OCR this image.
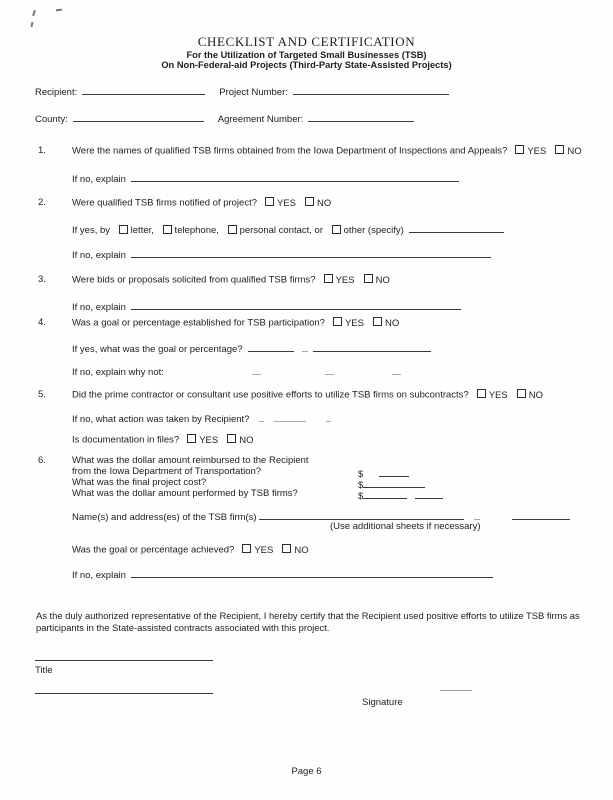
CHECKLIST AND CERTIFICATION
For the Utilization of Targeted Small Businesses (TSB)
On Non-Federal-aid Projects (Third-Party State-Assisted Projects)
Recipient:	Project Number:
County:	Agreement Number:
1.	Were the names of qualified TSB firms obtained from the Iowa Department of Inspections and Appeals? YES NO
If no, explain
2.	Were qualified TSB firms notified of project? YES NO
If yes, by letter, telephone, personal contact, or other (specify)
If no, explain
3.	Were bids or proposals solicited from qualified TSB firms? YES NO
If no, explain
4.	Was a goal or percentage established for TSB participation? YES NO
If yes, what was the goal or percentage?
If no, explain why not:
5.	Did the prime contractor or consultant use positive efforts to utilize TSB firms on subcontracts? YES NO
If no, what action was taken by Recipient?
Is documentation in files? YES NO
6.	What was the dollar amount reimbursed to the Recipient
from the Iowa Department of Transportation?	$
What was the final project cost?	$
What was the dollar amount performed by TSB firms?	$
Name(s) and address(es) of the TSB firm(s)
(Use additional sheets if necessary)
Was the goal or percentage achieved? YES NO
If no, explain
As the duly authorized representative of the Recipient, I hereby certify that the Recipient used positive efforts to utilize TSB firms as participants in the State-assisted contracts associated with this project.
Title
Signature
Page 6
